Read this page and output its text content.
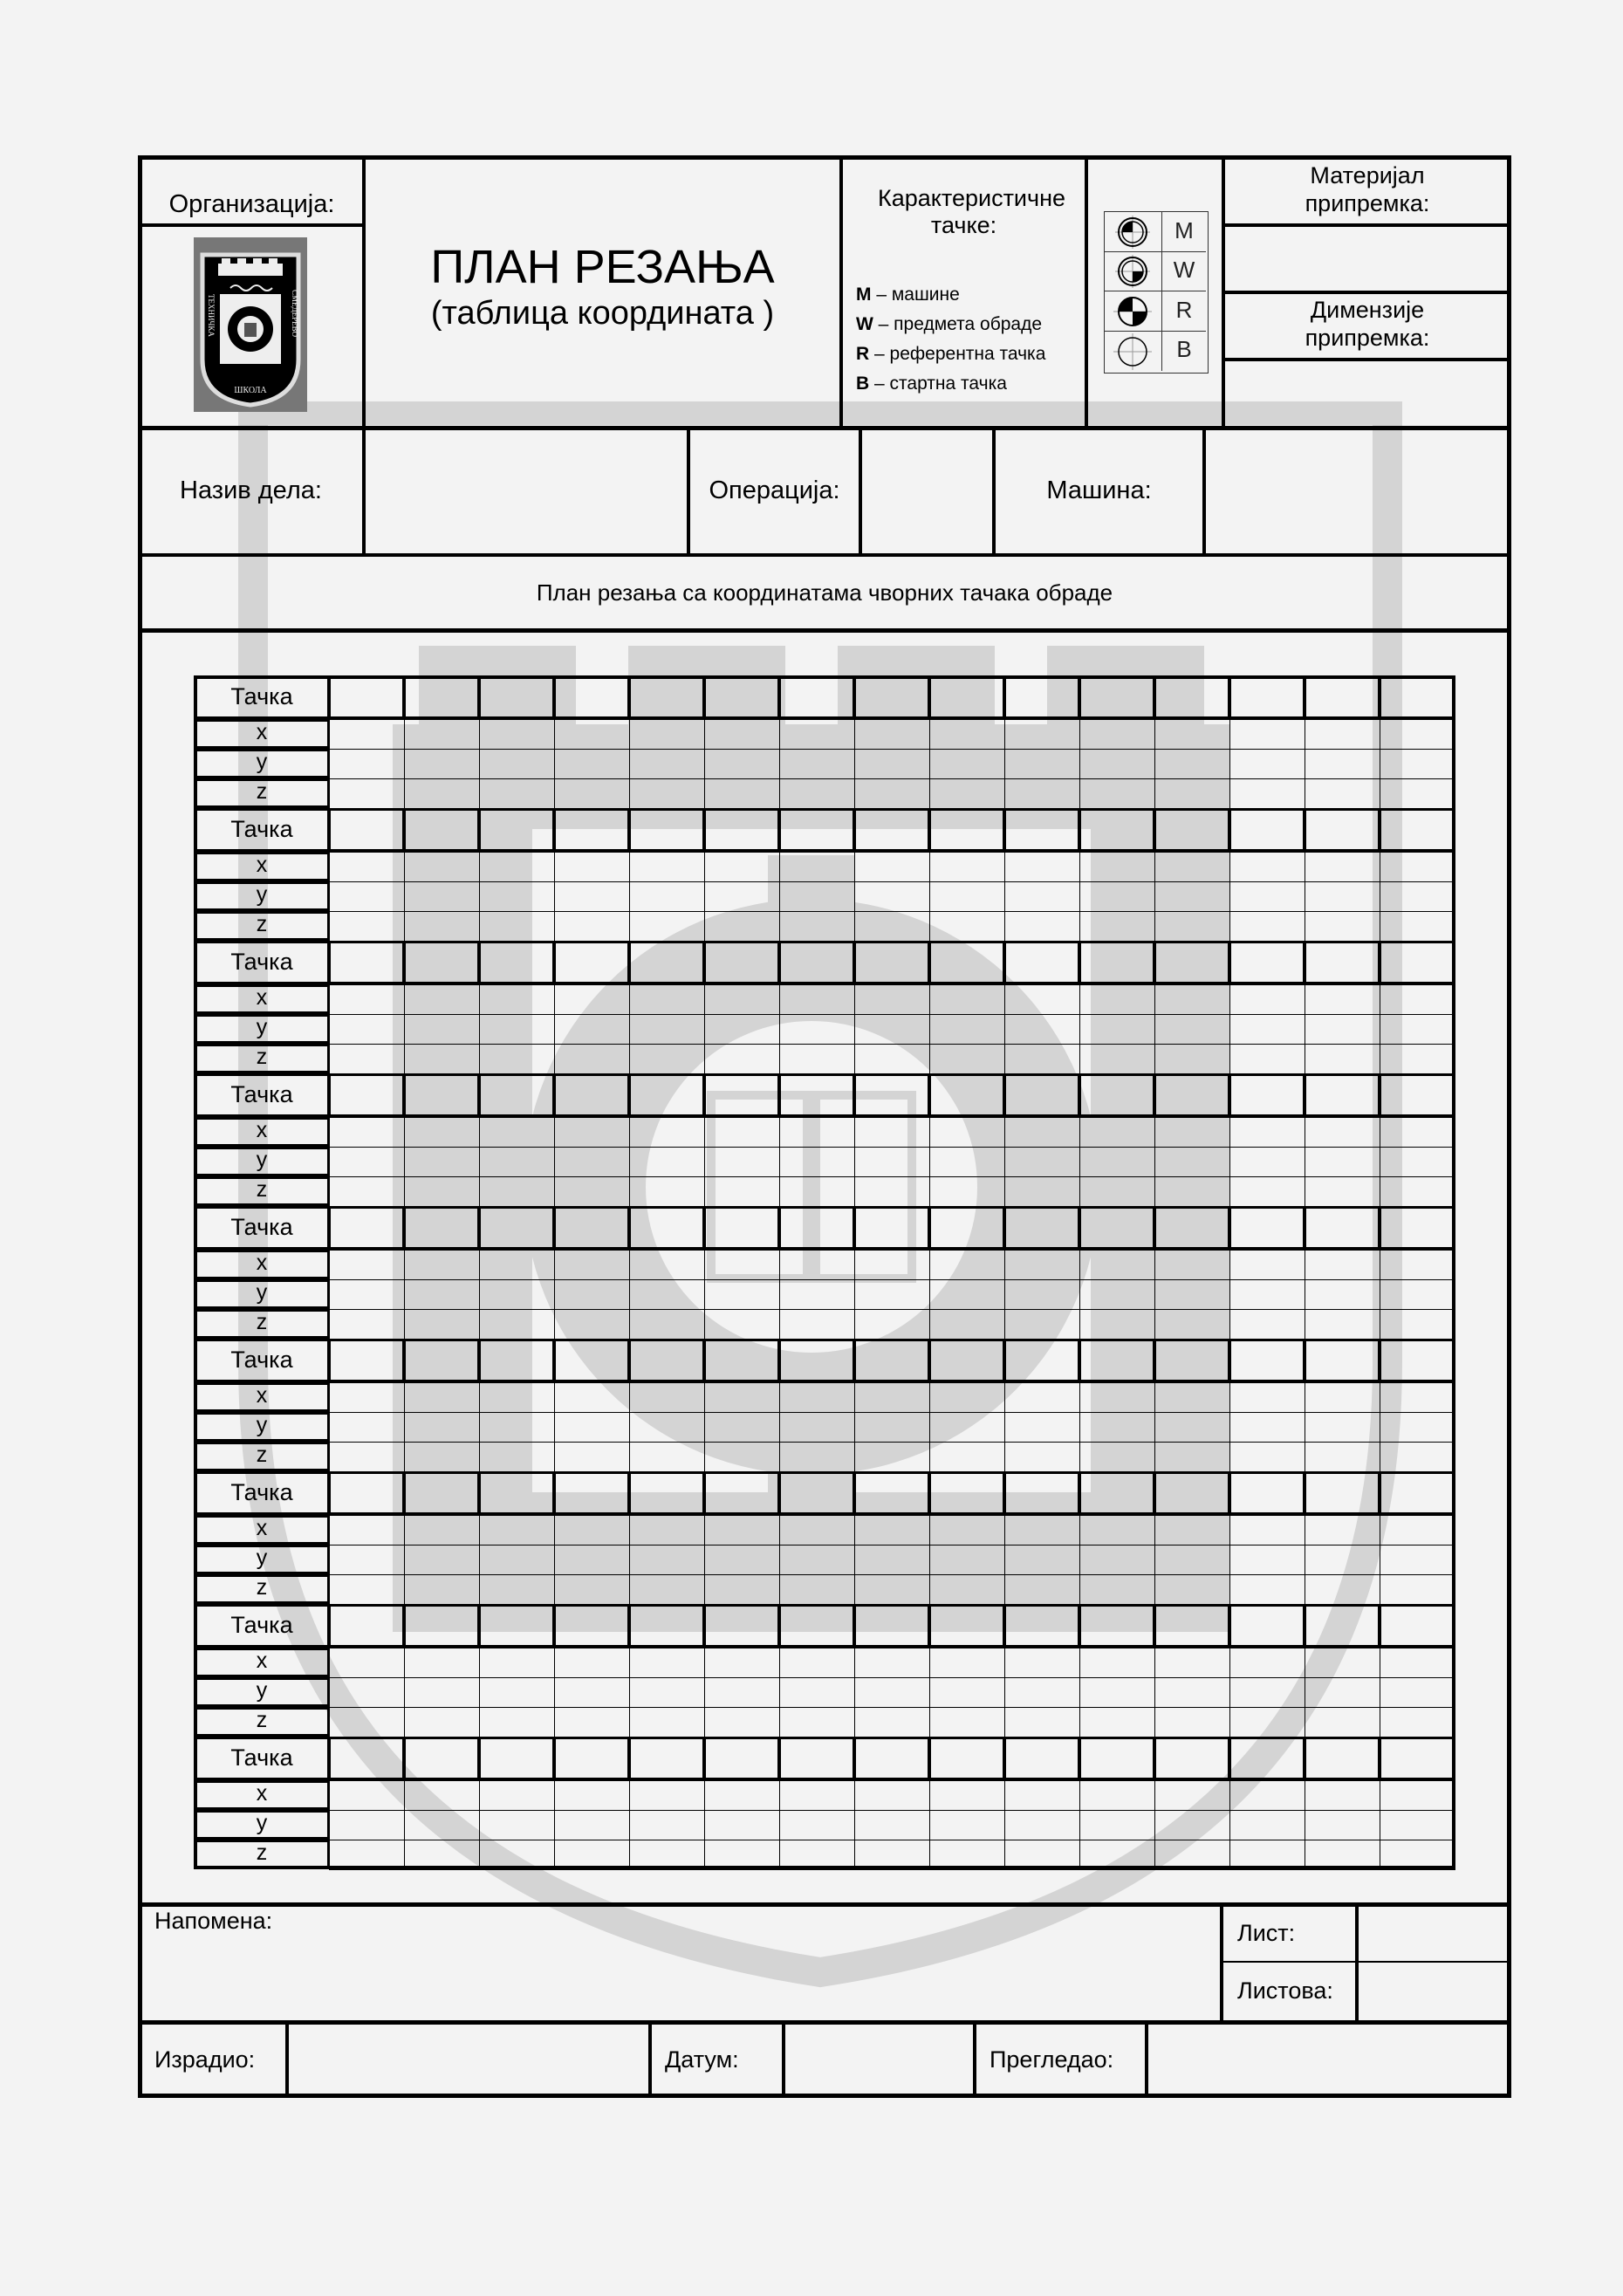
Организација:
ТЕХНИЧКА	СМЕДЕРЕВО
ШКОЛА
ПЛАН РЕЗАЊА
(таблица координата )
Карактеристичне тачке:
M – машине
W – предмета обраде
R – референтна тачка
B – стартна тачка
M
W
R
B
Материјал припремка:
Димензије припремка:
Назив дела:	Операција:	Машина:
План резања са координатама чворних тачака обраде
Тачка
x
y
z
Тачка
x
y
z
Тачка
x
y
z
Тачка
x
y
z
Тачка
x
y
z
Тачка
x
y
z
Тачка
x
y
z
Тачка
x
y
z
Тачка
x
y
z
Напомена:	Лист:
Листова:
Израдио:	Датум:	Прегледао:
